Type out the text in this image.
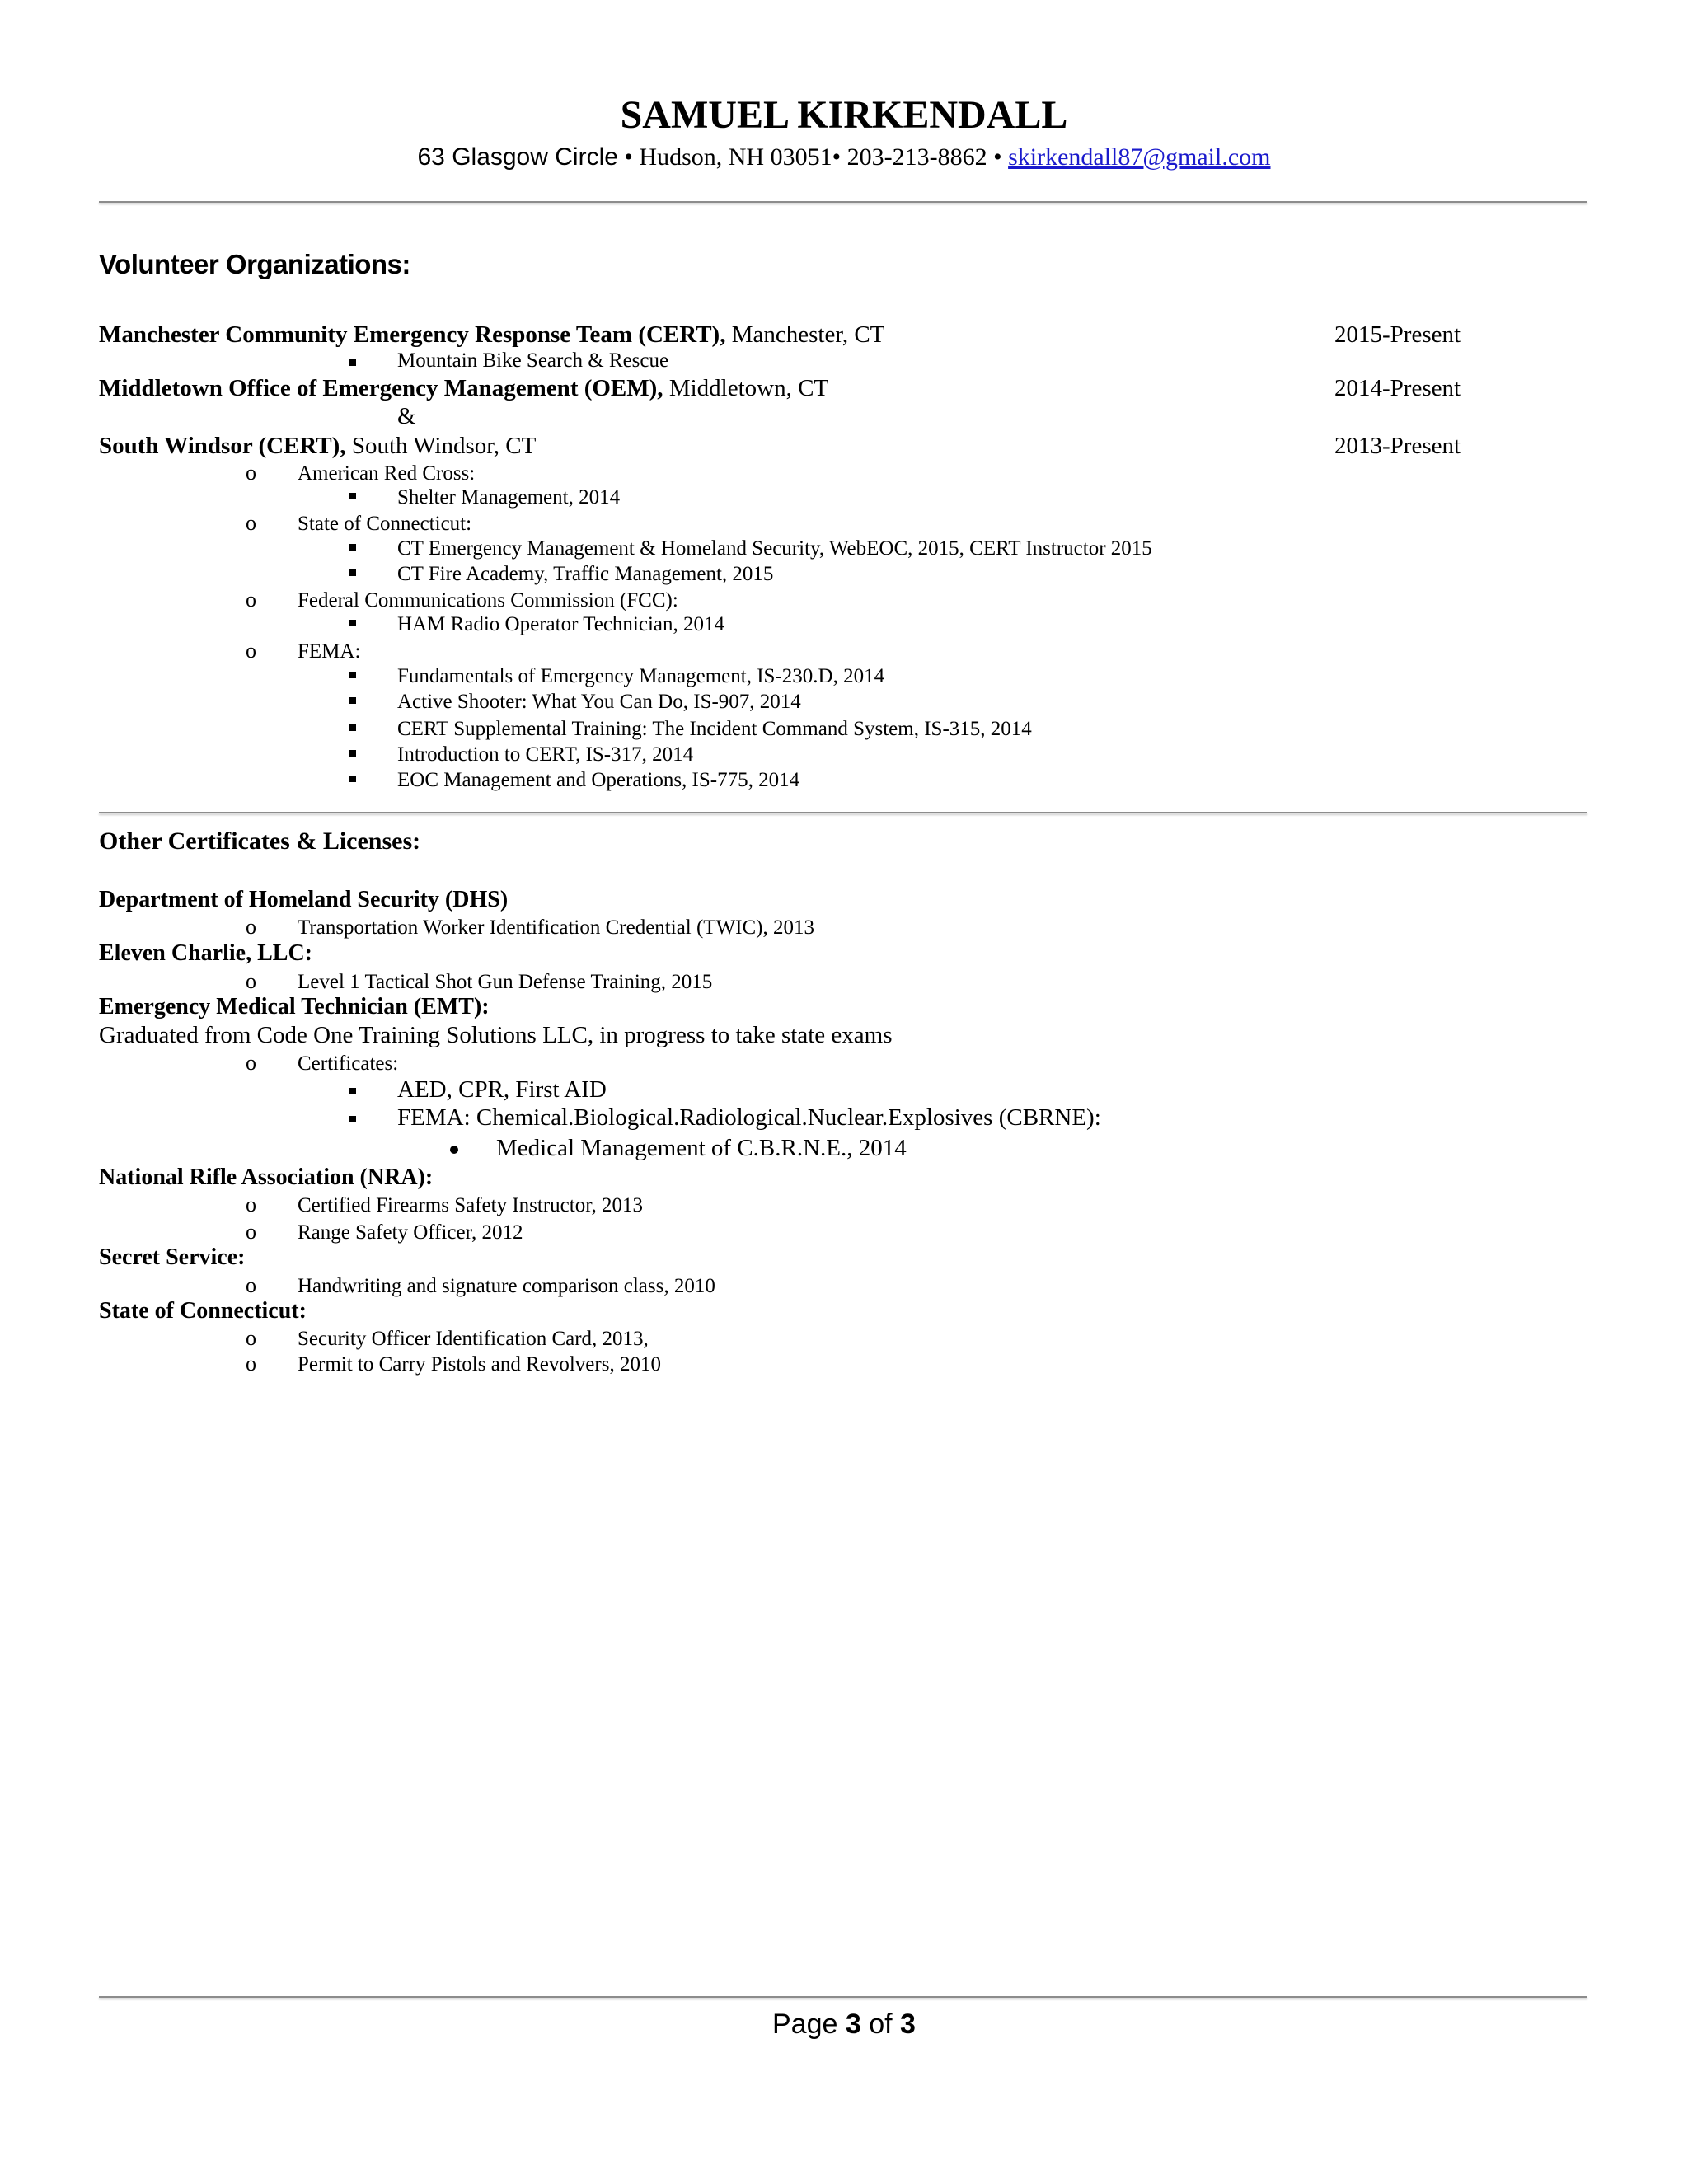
SAMUEL KIRKENDALL
63 Glasgow Circle • Hudson, NH 03051• 203-213-8862 • skirkendall87@gmail.com
Volunteer Organizations:
Manchester Community Emergency Response Team (CERT), Manchester, CT	2015-Present
Mountain Bike Search & Rescue
Middletown Office of Emergency Management (OEM), Middletown, CT	2014-Present
&
South Windsor (CERT), South Windsor, CT	2013-Present
o American Red Cross:
Shelter Management, 2014
o State of Connecticut:
CT Emergency Management & Homeland Security, WebEOC, 2015, CERT Instructor 2015
CT Fire Academy, Traffic Management, 2015
o Federal Communications Commission (FCC):
HAM Radio Operator Technician, 2014
o FEMA:
Fundamentals of Emergency Management, IS-230.D, 2014
Active Shooter: What You Can Do, IS-907, 2014
CERT Supplemental Training: The Incident Command System, IS-315, 2014
Introduction to CERT, IS-317, 2014
EOC Management and Operations, IS-775, 2014
Other Certificates & Licenses:
Department of Homeland Security (DHS)
o Transportation Worker Identification Credential (TWIC), 2013
Eleven Charlie, LLC:
o Level 1 Tactical Shot Gun Defense Training, 2015
Emergency Medical Technician (EMT):
Graduated from Code One Training Solutions LLC, in progress to take state exams
o Certificates:
AED, CPR, First AID
FEMA: Chemical.Biological.Radiological.Nuclear.Explosives (CBRNE):
Medical Management of C.B.R.N.E., 2014
National Rifle Association (NRA):
o Certified Firearms Safety Instructor, 2013
o Range Safety Officer, 2012
Secret Service:
o Handwriting and signature comparison class, 2010
State of Connecticut:
o Security Officer Identification Card, 2013,
o Permit to Carry Pistols and Revolvers, 2010
Page 3 of 3
